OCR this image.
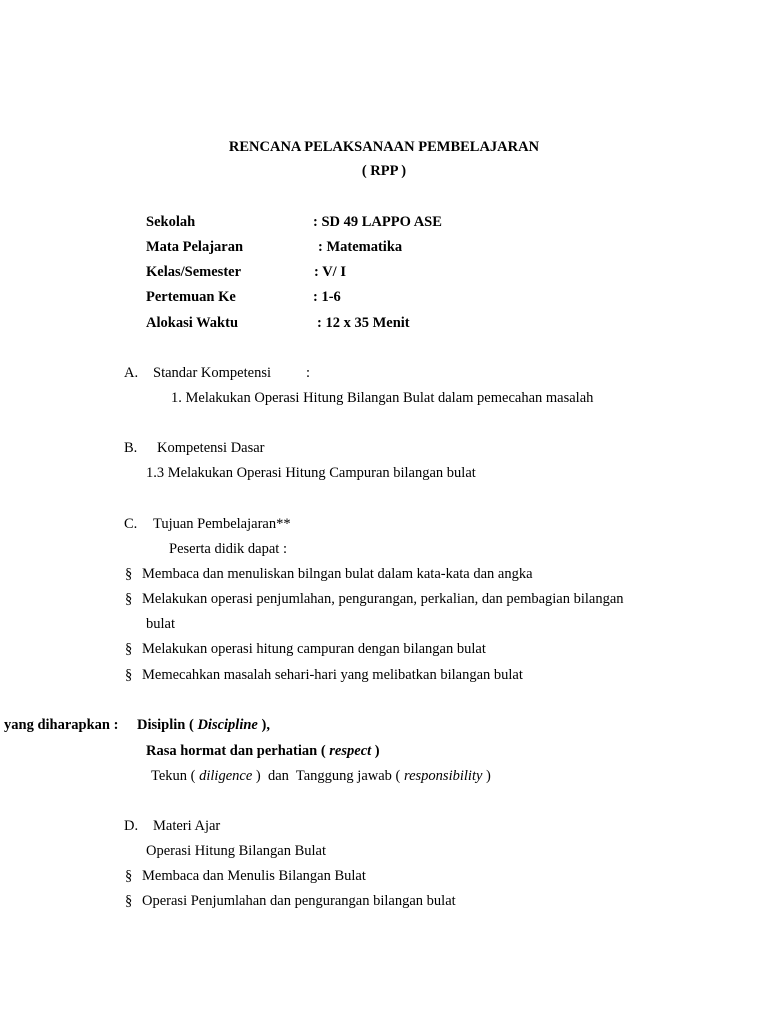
RENCANA PELAKSANAAN PEMBELAJARAN
( RPP )
Sekolah	: SD 49 LAPPO ASE
Mata Pelajaran	: Matematika
Kelas/Semester	: V/ I
Pertemuan Ke	: 1-6
Alokasi Waktu	: 12 x 35 Menit
A. Standar Kompetensi :
1. Melakukan Operasi Hitung Bilangan Bulat dalam pemecahan masalah
B. Kompetensi Dasar
1.3 Melakukan Operasi Hitung Campuran bilangan bulat
C. Tujuan Pembelajaran**
Peserta didik dapat :
§ Membaca dan menuliskan bilngan bulat dalam kata-kata dan angka
§ Melakukan operasi penjumlahan, pengurangan, perkalian, dan pembagian bilangan
bulat
§ Melakukan operasi hitung campuran dengan bilangan bulat
§ Memecahkan masalah sehari-hari yang melibatkan bilangan bulat
yang diharapkan : Disiplin ( Discipline ),
Rasa hormat dan perhatian ( respect )
Tekun ( diligence )  dan  Tanggung jawab ( responsibility )
D. Materi Ajar
Operasi Hitung Bilangan Bulat
§ Membaca dan Menulis Bilangan Bulat
§ Operasi Penjumlahan dan pengurangan bilangan bulat
